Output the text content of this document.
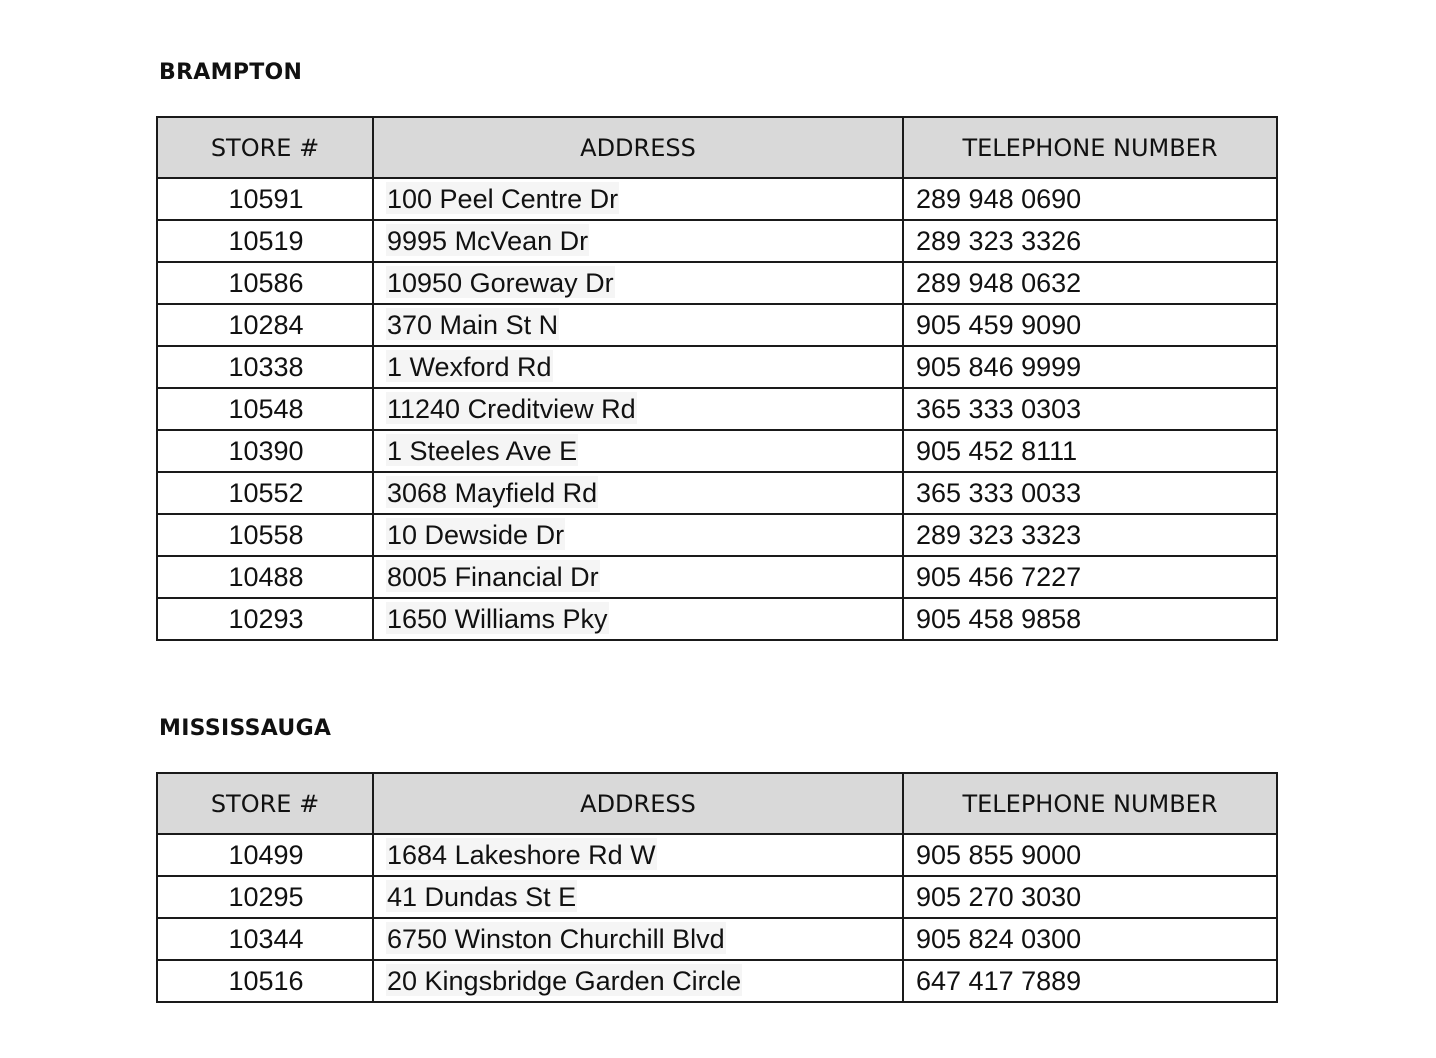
BRAMPTON
STORE #	ADDRESS	TELEPHONE NUMBER
10591	100 Peel Centre Dr	289 948 0690
10519	9995 McVean Dr	289 323 3326
10586	10950 Goreway Dr	289 948 0632
10284	370 Main St N	905 459 9090
10338	1 Wexford Rd	905 846 9999
10548	11240 Creditview Rd	365 333 0303
10390	1 Steeles Ave E	905 452 8111
10552	3068 Mayfield Rd	365 333 0033
10558	10 Dewside Dr	289 323 3323
10488	8005 Financial Dr	905 456 7227
10293	1650 Williams Pky	905 458 9858
MISSISSAUGA
STORE #	ADDRESS	TELEPHONE NUMBER
10499	1684 Lakeshore Rd W	905 855 9000
10295	41 Dundas St E	905 270 3030
10344	6750 Winston Churchill Blvd	905 824 0300
10516	20 Kingsbridge Garden Circle	647 417 7889
